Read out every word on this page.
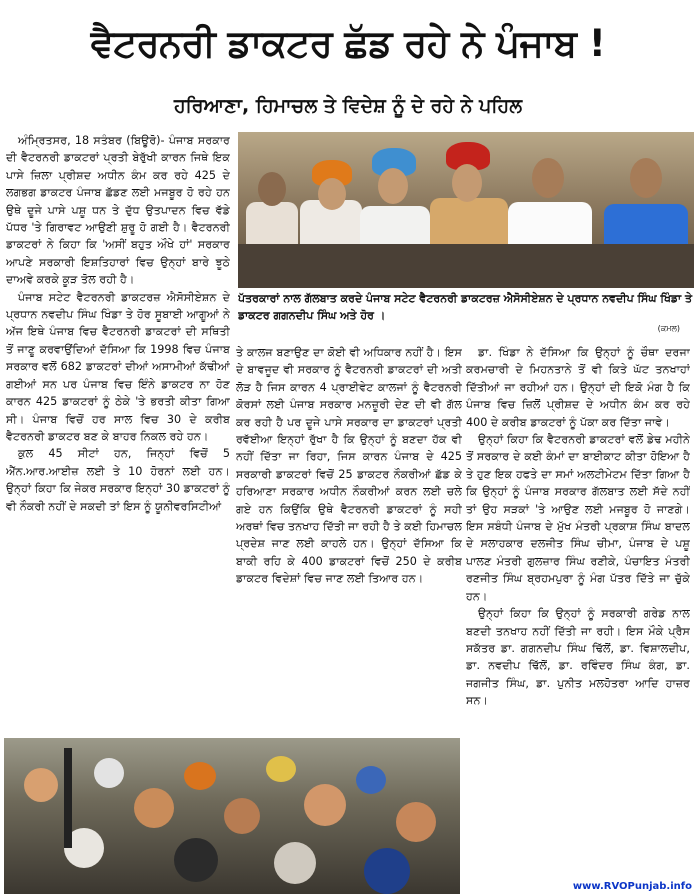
ਵੈਟਰਨਰੀ ਡਾਕਟਰ ਛੱਡ ਰਹੇ ਨੇ ਪੰਜਾਬ !
ਹਰਿਆਣਾ, ਹਿਮਾਚਲ ਤੇ ਵਿਦੇਸ਼ ਨੂੰ ਦੇ ਰਹੇ ਨੇ ਪਹਿਲ

ਅੰਮ੍ਰਿਤਸਰ, 18 ਸਤੰਬਰ (ਬਿਊਰੋ)- ਪੰਜਾਬ ਸਰਕਾਰ ਦੀ ਵੈਟਰਨਰੀ ਡਾਕਟਰਾਂ ਪ੍ਰਤੀ ਬੇਰੁੱਖੀ ਕਾਰਨ ਜਿਥੇ ਇਕ ਪਾਸੇ ਜ਼ਿਲਾ ਪ੍ਰੀਸ਼ਦ ਅਧੀਨ ਕੰਮ ਕਰ ਰਹੇ 425 ਦੇ ਲਗਭਗ ਡਾਕਟਰ ਪੰਜਾਬ ਛੱਡਣ ਲਈ ਮਜਬੂਰ ਹੋ ਰਹੇ ਹਨ ਉਥੇ ਦੂਜੇ ਪਾਸੇ ਪਸ਼ੂ ਧਨ ਤੇ ਦੁੱਧ ਉਤਪਾਦਨ ਵਿਚ ਵੱਡੇ ਪੱਧਰ 'ਤੇ ਗਿਰਾਵਟ ਆਉਣੀ ਸ਼ੁਰੂ ਹੋ ਗਈ ਹੈ। ਵੈਟਰਨਰੀ ਡਾਕਟਰਾਂ ਨੇ ਕਿਹਾ ਕਿ 'ਅਸੀਂ ਬਹੁਤ ਔਖੇ ਹਾਂ' ਸਰਕਾਰ ਆਪਣੇ ਸਰਕਾਰੀ ਇਸ਼ਤਿਹਾਰਾਂ ਵਿਚ ਉਨ੍ਹਾਂ ਬਾਰੇ ਝੂਠੇ ਦਾਅਵੇ ਕਰਕੇ ਕੂੜ ਤੋਲ ਰਹੀ ਹੈ।

ਪੰਜਾਬ ਸਟੇਟ ਵੈਟਰਨਰੀ ਡਾਕਟਰਜ਼ ਐਸੋਸੀਏਸ਼ਨ ਦੇ ਪ੍ਰਧਾਨ ਨਵਦੀਪ ਸਿੰਘ ਖਿੰਡਾ ਤੇ ਹੋਰ ਸੂਬਾਈ ਆਗੂਆਂ ਨੇ ਅੱਜ ਇਥੇ ਪੰਜਾਬ ਵਿਚ ਵੈਟਰਨਰੀ ਡਾਕਟਰਾਂ ਦੀ ਸਥਿਤੀ ਤੋਂ ਜਾਣੂ ਕਰਵਾਉਂਦਿਆਂ ਦੱਸਿਆ ਕਿ 1998 ਵਿਚ ਪੰਜਾਬ ਸਰਕਾਰ ਵਲੋਂ 682 ਡਾਕਟਰਾਂ ਦੀਆਂ ਅਸਾਮੀਆਂ ਕੱਢੀਆਂ ਗਈਆਂ ਸਨ ਪਰ ਪੰਜਾਬ ਵਿਚ ਇੰਨੇ ਡਾਕਟਰ ਨਾ ਹੋਣ ਕਾਰਨ 425 ਡਾਕਟਰਾਂ ਨੂੰ ਠੇਕੇ 'ਤੇ ਭਰਤੀ ਕੀਤਾ ਗਿਆ ਸੀ। ਪੰਜਾਬ ਵਿਚੋਂ ਹਰ ਸਾਲ ਵਿਚ 30 ਦੇ ਕਰੀਬ ਵੈਟਰਨਰੀ ਡਾਕਟਰ ਬਣ ਕੇ ਬਾਹਰ ਨਿਕਲ ਰਹੇ ਹਨ।

ਕੁਲ 45 ਸੀਟਾਂ ਹਨ, ਜਿਨ੍ਹਾਂ ਵਿਚੋਂ 5 ਐੱਨ.ਆਰ.ਆਈਜ਼ ਲਈ ਤੇ 10 ਹੋਰਨਾਂ ਲਈ ਹਨ। ਉਨ੍ਹਾਂ ਕਿਹਾ ਕਿ ਜੇਕਰ ਸਰਕਾਰ ਇਨ੍ਹਾਂ 30 ਡਾਕਟਰਾਂ ਨੂੰ ਵੀ ਨੌਕਰੀ ਨਹੀਂ ਦੇ ਸਕਦੀ ਤਾਂ ਇਸ ਨੂੰ ਯੂਨੀਵਰਸਿਟੀਆਂ

ਪੱਤਰਕਾਰਾਂ ਨਾਲ ਗੱਲਬਾਤ ਕਰਦੇ ਪੰਜਾਬ ਸਟੇਟ ਵੈਟਰਨਰੀ ਡਾਕਟਰਜ਼ ਐਸੋਸੀਏਸ਼ਨ ਦੇ ਪ੍ਰਧਾਨ ਨਵਦੀਪ ਸਿੰਘ ਖਿੰਡਾ ਤੇ ਡਾਕਟਰ ਗਗਨਦੀਪ ਸਿੰਘ ਅਤੇ ਹੋਰ ।
(ਕਮਲ)

ਤੇ ਕਾਲਜ ਬਣਾਉਣ ਦਾ ਕੋਈ ਵੀ ਅਧਿਕਾਰ ਨਹੀਂ ਹੈ। ਇਸ ਦੇ ਬਾਵਜੂਦ ਵੀ ਸਰਕਾਰ ਨੂੰ ਵੈਟਰਨਰੀ ਡਾਕਟਰਾਂ ਦੀ ਅਤੀ ਲੋੜ ਹੈ ਜਿਸ ਕਾਰਨ 4 ਪ੍ਰਾਈਵੇਟ ਕਾਲਜਾਂ ਨੂੰ ਵੈਟਰਨਰੀ ਕੋਰਸਾਂ ਲਈ ਪੰਜਾਬ ਸਰਕਾਰ ਮਨਜ਼ੂਰੀ ਦੇਣ ਦੀ ਵੀ ਗੱਲ ਕਰ ਰਹੀ ਹੈ ਪਰ ਦੂਜੇ ਪਾਸੇ ਸਰਕਾਰ ਦਾ ਡਾਕਟਰਾਂ ਪ੍ਰਤੀ ਰਵੱਈਆ ਇਨ੍ਹਾਂ ਰੁੱਖਾ ਹੈ ਕਿ ਉਨ੍ਹਾਂ ਨੂੰ ਬਣਦਾ ਹੱਕ ਵੀ ਨਹੀਂ ਦਿੱਤਾ ਜਾ ਰਿਹਾ, ਜਿਸ ਕਾਰਨ ਪੰਜਾਬ ਦੇ 425 ਸਰਕਾਰੀ ਡਾਕਟਰਾਂ ਵਿਚੋਂ 25 ਡਾਕਟਰ ਨੌਕਰੀਆਂ ਛੱਡ ਕੇ ਹਰਿਆਣਾ ਸਰਕਾਰ ਅਧੀਨ ਨੌਕਰੀਆਂ ਕਰਨ ਲਈ ਚਲੇ ਗਏ ਹਨ ਕਿਉਂਕਿ ਉਥੇ ਵੈਟਰਨਰੀ ਡਾਕਟਰਾਂ ਨੂੰ ਸਹੀ ਅਰਥਾਂ ਵਿਚ ਤਨਖਾਹ ਦਿੱਤੀ ਜਾ ਰਹੀ ਹੈ ਤੇ ਕਈ ਹਿਮਾਚਲ ਪ੍ਰਦੇਸ਼ ਜਾਣ ਲਈ ਕਾਹਲੇ ਹਨ। ਉਨ੍ਹਾਂ ਦੱਸਿਆ ਕਿ ਬਾਕੀ ਰਹਿ ਕੇ 400 ਡਾਕਟਰਾਂ ਵਿਚੋਂ 250 ਦੇ ਕਰੀਬ ਡਾਕਟਰ ਵਿਦੇਸ਼ਾਂ ਵਿਚ ਜਾਣ ਲਈ ਤਿਆਰ ਹਨ।

ਡਾ. ਖਿੰਡਾ ਨੇ ਦੱਸਿਆ ਕਿ ਉਨ੍ਹਾਂ ਨੂੰ ਚੌਥਾ ਦਰਜਾ ਕਰਮਚਾਰੀ ਦੇ ਮਿਹਨਤਾਨੇ ਤੋਂ ਵੀ ਕਿਤੇ ਘੱਟ ਤਨਖਾਹਾਂ ਦਿੱਤੀਆਂ ਜਾ ਰਹੀਆਂ ਹਨ। ਉਨ੍ਹਾਂ ਦੀ ਇਕੋ ਮੰਗ ਹੈ ਕਿ ਪੰਜਾਬ ਵਿਚ ਜ਼ਿਲੋਂ ਪ੍ਰੀਸ਼ਦ ਦੇ ਅਧੀਨ ਕੰਮ ਕਰ ਰਹੇ 400 ਦੇ ਕਰੀਬ ਡਾਕਟਰਾਂ ਨੂੰ ਪੱਕਾ ਕਰ ਦਿੱਤਾ ਜਾਵੇ।

ਉਨ੍ਹਾਂ ਕਿਹਾ ਕਿ ਵੈਟਰਨਰੀ ਡਾਕਟਰਾਂ ਵਲੋਂ ਡੇਢ ਮਹੀਨੇ ਤੋਂ ਸਰਕਾਰ ਦੇ ਕਈ ਕੰਮਾਂ ਦਾ ਬਾਈਕਾਟ ਕੀਤਾ ਹੋਇਆ ਹੈ ਤੇ ਹੁਣ ਇਕ ਹਫਤੇ ਦਾ ਸਮਾਂ ਅਲਟੀਮੇਟਮ ਦਿੱਤਾ ਗਿਆ ਹੈ ਕਿ ਉਨ੍ਹਾਂ ਨੂੰ ਪੰਜਾਬ ਸਰਕਾਰ ਗੱਲਬਾਤ ਲਈ ਸੱਦੇ ਨਹੀਂ ਤਾਂ ਉਹ ਸੜਕਾਂ 'ਤੇ ਆਉਣ ਲਈ ਮਜਬੂਰ ਹੋ ਜਾਣਗੇ। ਇਸ ਸਬੰਧੀ ਪੰਜਾਬ ਦੇ ਮੁੱਖ ਮੰਤਰੀ ਪ੍ਰਕਾਸ਼ ਸਿੰਘ ਬਾਦਲ ਦੇ ਸਲਾਹਕਾਰ ਦਲਜੀਤ ਸਿੰਘ ਚੀਮਾ, ਪੰਜਾਬ ਦੇ ਪਸ਼ੂ ਪਾਲਣ ਮੰਤਰੀ ਗੁਲਜ਼ਾਰ ਸਿੰਘ ਰਣੀਕੇ, ਪੰਚਾਇਤ ਮੰਤਰੀ ਰਣਜੀਤ ਸਿੰਘ ਬ੍ਰਹਮਪੁਰਾ ਨੂੰ ਮੰਗ ਪੱਤਰ ਦਿੱਤੇ ਜਾ ਚੁੱਕੇ ਹਨ।

ਉਨ੍ਹਾਂ ਕਿਹਾ ਕਿ ਉਨ੍ਹਾਂ ਨੂੰ ਸਰਕਾਰੀ ਗਰੇਡ ਨਾਲ ਬਣਦੀ ਤਨਖਾਹ ਨਹੀਂ ਦਿੱਤੀ ਜਾ ਰਹੀ। ਇਸ ਮੌਕੇ ਪ੍ਰੈਸ ਸਕੱਤਰ ਡਾ. ਗਗਨਦੀਪ ਸਿੰਘ ਢਿੱਲੋਂ, ਡਾ. ਵਿਸ਼ਾਲਦੀਪ, ਡਾ. ਨਵਦੀਪ ਢਿੱਲੋਂ, ਡਾ. ਰਵਿੰਦਰ ਸਿੰਘ ਕੰਗ, ਡਾ. ਜਗਜੀਤ ਸਿੰਘ, ਡਾ. ਪੁਨੀਤ ਮਲਹੋਤਰਾ ਆਦਿ ਹਾਜ਼ਰ ਸਨ।

www.RVOPunjab.info
